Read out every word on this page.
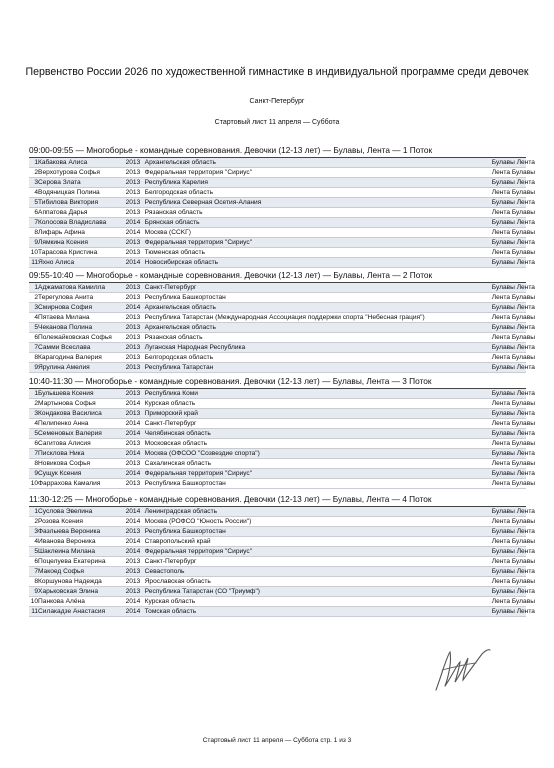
Первенство России 2026 по художественной гимнастике в индивидуальной программе среди девочек
Санкт-Петербург
Стартовый лист 11 апреля — Суббота
09:00-09:55 — Многоборье - командные соревнования. Девочки (12-13 лет) — Булавы, Лента — 1 Поток
1	Кабакова Алиса	2013	Архангельская область	Булавы Лента
2	Верхотурова Софья	2013	Федеральная территория "Сириус"	Лента Булавы
3	Серова Злата	2013	Республика Карелия	Булавы Лента
4	Водяницкая Полина	2013	Белгородская область	Лента Булавы
5	Тибилова Виктория	2013	Республика Северная Осетия-Алания	Булавы Лента
6	Аппатова Дарья	2013	Рязанская область	Лента Булавы
7	Колосова Владислава	2014	Брянская область	Булавы Лента
8	Лифарь Афина	2014	Москва (СCKГ)	Лента Булавы
9	Лямкина Ксения	2013	Федеральная территория "Сириус"	Булавы Лента
10	Тарасова Кристина	2013	Тюменская область	Лента Булавы
11	Яхно Алиса	2014	Новосибирская область	Булавы Лента
09:55-10:40 — Многоборье - командные соревнования. Девочки (12-13 лет) — Булавы, Лента — 2 Поток
1	Аджаматова Камилла	2013	Санкт-Петербург	Булавы Лента
2	Терегулова Анита	2013	Республика Башкортостан	Лента Булавы
3	Смирнова София	2014	Архангельская область	Булавы Лента
4	Пятаева Милана	2013	Республика Татарстан (Международная Ассоциация поддержки спорта "Небесная грация")	Лента Булавы
5	Чеканова Полина	2013	Архангельская область	Булавы Лента
6	Полежайковская Софья	2013	Рязанская область	Лента Булавы
7	Самми Всеслава	2013	Луганская Народная Республика	Булавы Лента
8	Карагодина Валерия	2013	Белгородская область	Лента Булавы
9	Ярулина Амелия	2013	Республика Татарстан	Булавы Лента
10:40-11:30 — Многоборье - командные соревнования. Девочки (12-13 лет) — Булавы, Лента — 3 Поток
1	Булышева Ксения	2013	Республика Коми	Булавы Лента
2	Мартынова Софья	2014	Курская область	Лента Булавы
3	Кондакова Василиса	2013	Приморский край	Булавы Лента
4	Пелипенко Анна	2014	Санкт-Петербург	Лента Булавы
5	Семеновых Валерия	2014	Челябинская область	Булавы Лента
6	Сагитова Алисия	2013	Московская область	Лента Булавы
7	Писклова Ника	2014	Москва (ОФСОО "Созвездие спорта")	Булавы Лента
8	Новикова Софья	2013	Сахалинская область	Лента Булавы
9	Сущук Ксения	2014	Федеральная территория "Сириус"	Булавы Лента
10	Фаррахова Камалия	2013	Республика Башкортостан	Лента Булавы
11:30-12:25 — Многоборье - командные соревнования. Девочки (12-13 лет) — Булавы, Лента — 4 Поток
1	Суслова Эвелина	2014	Ленинградская область	Булавы Лента
2	Розова Ксения	2014	Москва (РОФСО "Юность России")	Лента Булавы
3	Фазлыева Вероника	2013	Республика Башкортостан	Булавы Лента
4	Иванова Вероника	2014	Ставропольский край	Лента Булавы
5	Шаклеина Милана	2014	Федеральная территория "Сириус"	Булавы Лента
6	Поцелуева Екатерина	2013	Санкт-Петербург	Лента Булавы
7	Макоед Софья	2013	Севастополь	Булавы Лента
8	Коршунова Надежда	2013	Ярославская область	Лента Булавы
9	Харьковская Элина	2013	Республика Татарстан (СО "Триумф")	Булавы Лента
10	Панкова Алёна	2014	Курская область	Лента Булавы
11	Силакадзе Анастасия	2014	Томская область	Булавы Лента
Стартовый лист 11 апреля — Суббота стр. 1 из 3
